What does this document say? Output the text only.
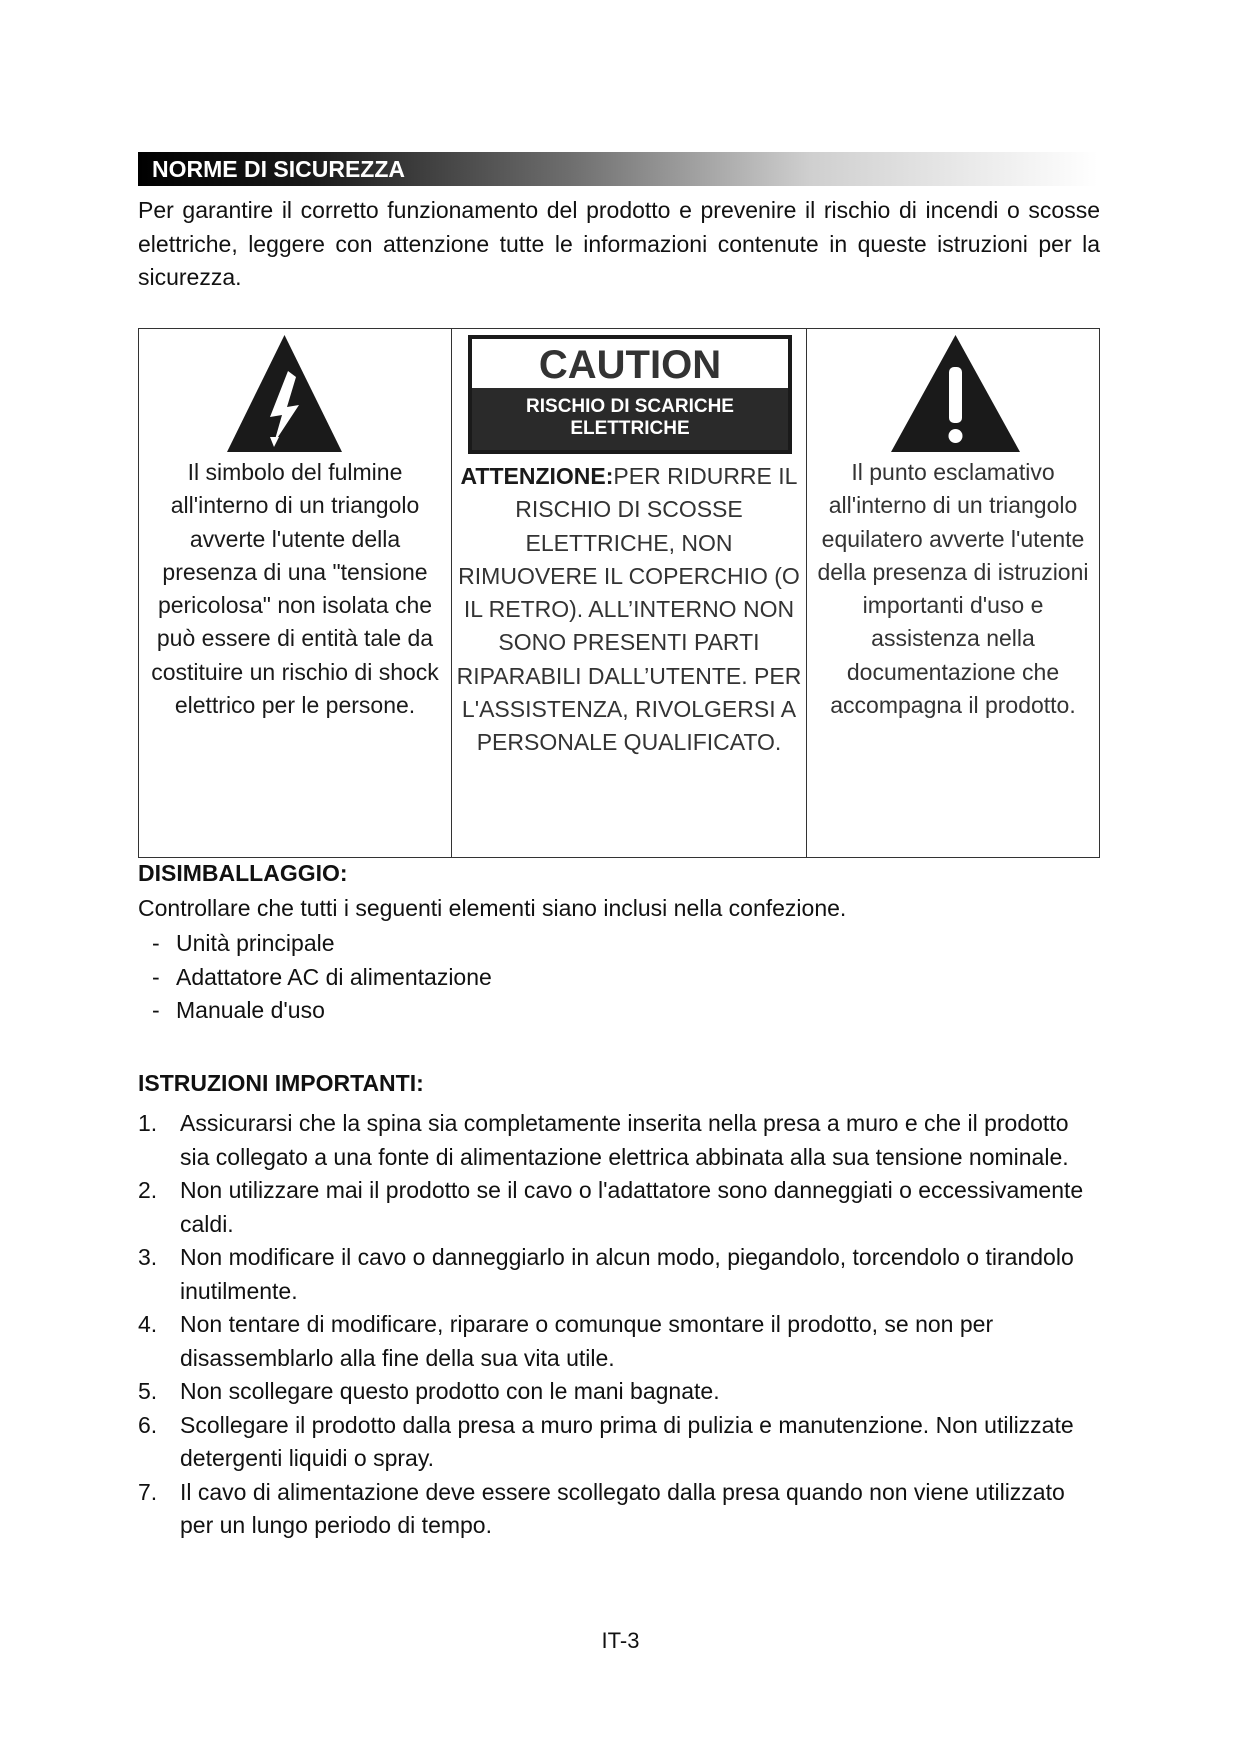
NORME DI SICUREZZA
Per garantire il corretto funzionamento del prodotto e prevenire il rischio di incendi o scosse elettriche, leggere con attenzione tutte le informazioni contenute in queste istruzioni per la sicurezza.
Il simbolo del fulmine all'interno di un triangolo avverte l'utente della presenza di una "tensione pericolosa" non isolata che può essere di entità tale da costituire un rischio di shock elettrico per le persone.
CAUTION
RISCHIO DI SCARICHE ELETTRICHE
ATTENZIONE:PER RIDURRE IL RISCHIO DI SCOSSE ELETTRICHE, NON RIMUOVERE IL COPERCHIO (O IL RETRO). ALL’INTERNO NON SONO PRESENTI PARTI RIPARABILI DALL’UTENTE. PER L'ASSISTENZA, RIVOLGERSI A PERSONALE QUALIFICATO.
Il punto esclamativo all'interno di un triangolo equilatero avverte l'utente della presenza di istruzioni importanti d'uso e assistenza nella documentazione che accompagna il prodotto.
DISIMBALLAGGIO:
Controllare che tutti i seguenti elementi siano inclusi nella confezione.
- Unità principale
- Adattatore AC di alimentazione
- Manuale d'uso
ISTRUZIONI IMPORTANTI:
1. Assicurarsi che la spina sia completamente inserita nella presa a muro e che il prodotto sia collegato a una fonte di alimentazione elettrica abbinata alla sua tensione nominale.
2. Non utilizzare mai il prodotto se il cavo o l'adattatore sono danneggiati o eccessivamente caldi.
3. Non modificare il cavo o danneggiarlo in alcun modo, piegandolo, torcendolo o tirandolo inutilmente.
4. Non tentare di modificare, riparare o comunque smontare il prodotto, se non per disassemblarlo alla fine della sua vita utile.
5. Non scollegare questo prodotto con le mani bagnate.
6. Scollegare il prodotto dalla presa a muro prima di pulizia e manutenzione. Non utilizzate detergenti liquidi o spray.
7. Il cavo di alimentazione deve essere scollegato dalla presa quando non viene utilizzato per un lungo periodo di tempo.
IT-3
